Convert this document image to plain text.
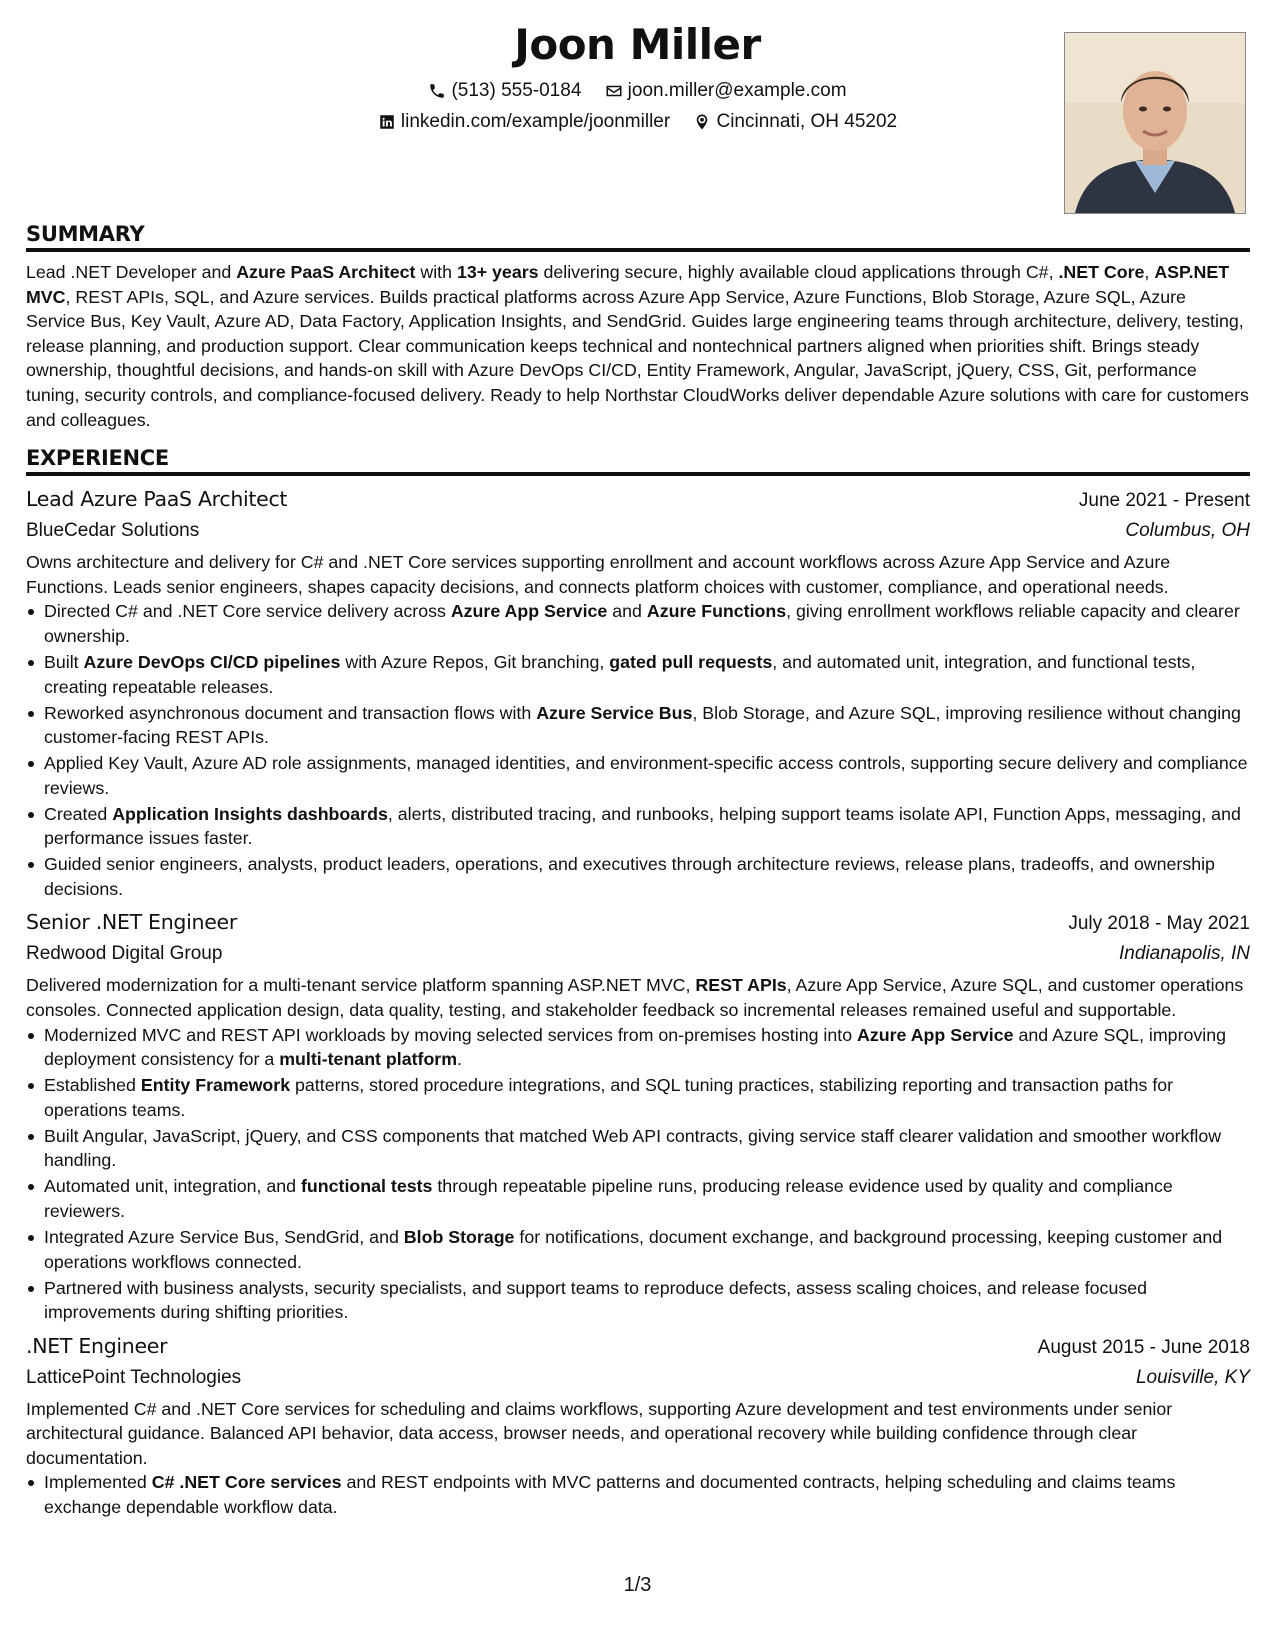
Joon Miller
(513) 555-0184
joon.miller@example.com
linkedin.com/example/joonmiller
Cincinnati, OH 45202
SUMMARY

Lead .NET Developer and Azure PaaS Architect with 13+ years delivering secure, highly available cloud applications through C#, .NET Core, ASP.NET MVC, REST APIs, SQL, and Azure services. Builds practical platforms across Azure App Service, Azure Functions, Blob Storage, Azure SQL, Azure Service Bus, Key Vault, Azure AD, Data Factory, Application Insights, and SendGrid. Guides large engineering teams through architecture, delivery, testing, release planning, and production support. Clear communication keeps technical and nontechnical partners aligned when priorities shift. Brings steady ownership, thoughtful decisions, and hands-on skill with Azure DevOps CI/CD, Entity Framework, Angular, JavaScript, jQuery, CSS, Git, performance tuning, security controls, and compliance-focused delivery. Ready to help Northstar CloudWorks deliver dependable Azure solutions with care for customers and colleagues.

EXPERIENCE
Lead Azure PaaS Architect	June 2021 - Present
BlueCedar Solutions	Columbus, OH

Owns architecture and delivery for C# and .NET Core services supporting enrollment and account workflows across Azure App Service and Azure Functions. Leads senior engineers, shapes capacity decisions, and connects platform choices with customer, compliance, and operational needs.

Directed C# and .NET Core service delivery across Azure App Service and Azure Functions, giving enrollment workflows reliable capacity and clearer ownership.
Built Azure DevOps CI/CD pipelines with Azure Repos, Git branching, gated pull requests, and automated unit, integration, and functional tests, creating repeatable releases.
Reworked asynchronous document and transaction flows with Azure Service Bus, Blob Storage, and Azure SQL, improving resilience without changing customer-facing REST APIs.
Applied Key Vault, Azure AD role assignments, managed identities, and environment-specific access controls, supporting secure delivery and compliance reviews.
Created Application Insights dashboards, alerts, distributed tracing, and runbooks, helping support teams isolate API, Function Apps, messaging, and performance issues faster.
Guided senior engineers, analysts, product leaders, operations, and executives through architecture reviews, release plans, tradeoffs, and ownership decisions.
Senior .NET Engineer	July 2018 - May 2021
Redwood Digital Group	Indianapolis, IN

Delivered modernization for a multi-tenant service platform spanning ASP.NET MVC, REST APIs, Azure App Service, Azure SQL, and customer operations consoles. Connected application design, data quality, testing, and stakeholder feedback so incremental releases remained useful and supportable.

Modernized MVC and REST API workloads by moving selected services from on-premises hosting into Azure App Service and Azure SQL, improving deployment consistency for a multi-tenant platform.
Established Entity Framework patterns, stored procedure integrations, and SQL tuning practices, stabilizing reporting and transaction paths for operations teams.
Built Angular, JavaScript, jQuery, and CSS components that matched Web API contracts, giving service staff clearer validation and smoother workflow handling.
Automated unit, integration, and functional tests through repeatable pipeline runs, producing release evidence used by quality and compliance reviewers.
Integrated Azure Service Bus, SendGrid, and Blob Storage for notifications, document exchange, and background processing, keeping customer and operations workflows connected.
Partnered with business analysts, security specialists, and support teams to reproduce defects, assess scaling choices, and release focused improvements during shifting priorities.
.NET Engineer	August 2015 - June 2018
LatticePoint Technologies	Louisville, KY

Implemented C# and .NET Core services for scheduling and claims workflows, supporting Azure development and test environments under senior architectural guidance. Balanced API behavior, data access, browser needs, and operational recovery while building confidence through clear documentation.

Implemented C# .NET Core services and REST endpoints with MVC patterns and documented contracts, helping scheduling and claims teams exchange dependable workflow data.
1/3
